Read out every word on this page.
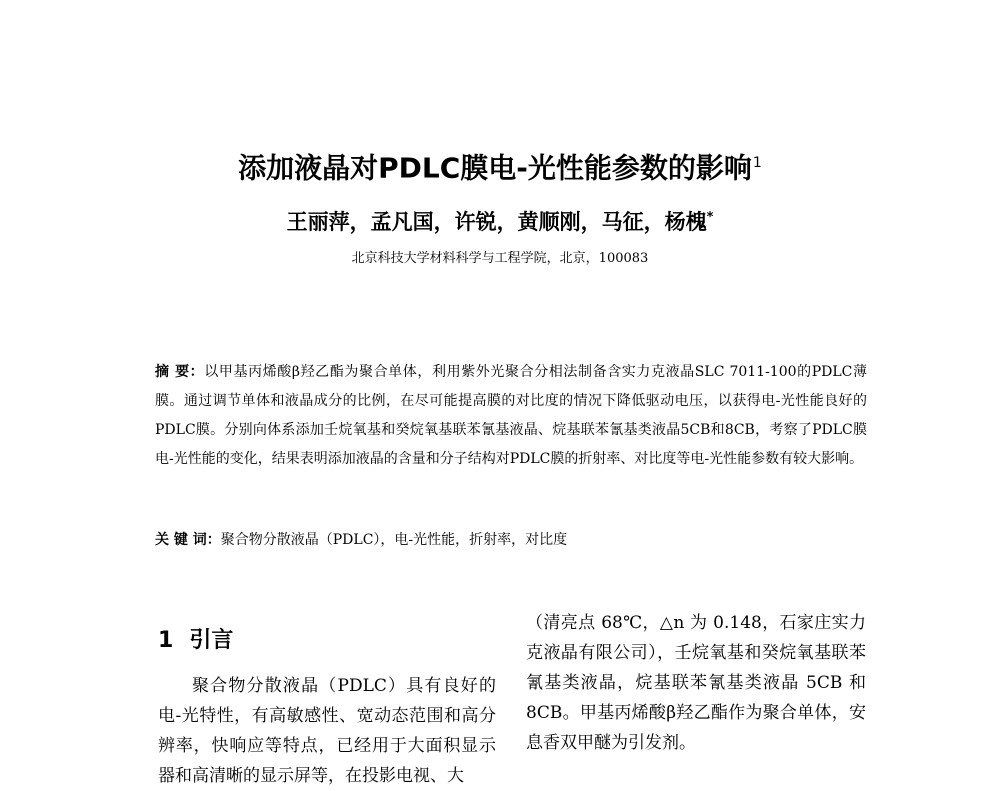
添加液晶对PDLC膜电-光性能参数的影响$^1$
王丽萍，孟凡国，许锐，黄顺刚，马征，杨槐*
北京科技大学材料科学与工程学院，北京，100083
摘 要：以甲基丙烯酸β羟乙酯为聚合单体，利用紫外光聚合分相法制备含实力克液晶SLC 7011-100的PDLC薄膜。通过调节单体和液晶成分的比例，在尽可能提高膜的对比度的情况下降低驱动电压，以获得电-光性能良好的PDLC膜。分别向体系添加壬烷氧基和癸烷氧基联苯氰基液晶、烷基联苯氰基类液晶5CB和8CB，考察了PDLC膜电-光性能的变化，结果表明添加液晶的含量和分子结构对PDLC膜的折射率、对比度等电-光性能参数有较大影响。
关 键 词：聚合物分散液晶（PDLC），电-光性能，折射率，对比度
1 引言
聚合物分散液晶（PDLC）具有良好的电-光特性，有高敏感性、宽动态范围和高分辨率，快响应等特点，已经用于大面积显示器和高清晰的显示屏等，在投影电视、大
（清亮点 68℃，△n 为 0.148，石家庄实力克液晶有限公司），壬烷氧基和癸烷氧基联苯氰基类液晶，烷基联苯氰基类液晶 5CB 和 8CB。甲基丙烯酸β羟乙酯作为聚合单体，安息香双甲醚为引发剂。
